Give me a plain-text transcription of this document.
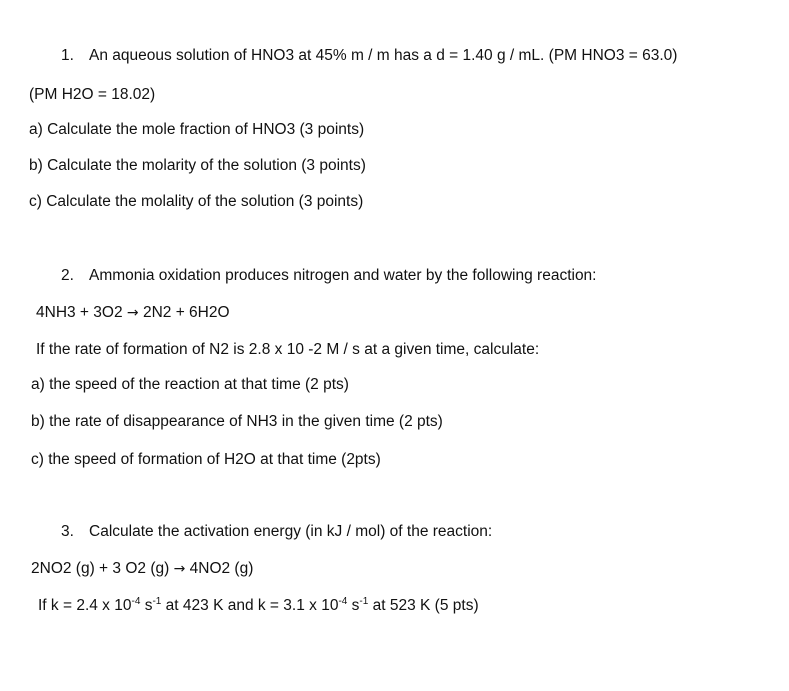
1. An aqueous solution of HNO3 at 45% m / m has a d = 1.40 g / mL. (PM HNO3 = 63.0)
(PM H2O = 18.02)
a) Calculate the mole fraction of HNO3 (3 points)
b) Calculate the molarity of the solution (3 points)
c) Calculate the molality of the solution (3 points)
2. Ammonia oxidation produces nitrogen and water by the following reaction:
4NH3 + 3O2 → 2N2 + 6H2O
If the rate of formation of N2 is 2.8 x 10 -2 M / s at a given time, calculate:
a) the speed of the reaction at that time (2 pts)
b) the rate of disappearance of NH3 in the given time (2 pts)
c) the speed of formation of H2O at that time (2pts)
3. Calculate the activation energy (in kJ / mol) of the reaction:
2NO2 (g) + 3 O2 (g) → 4NO2 (g)
If k = 2.4 x $10^{-4}$ $s^{-1}$ at 423 K and k = 3.1 x $10^{-4}$ $s^{-1}$ at 523 K (5 pts)
